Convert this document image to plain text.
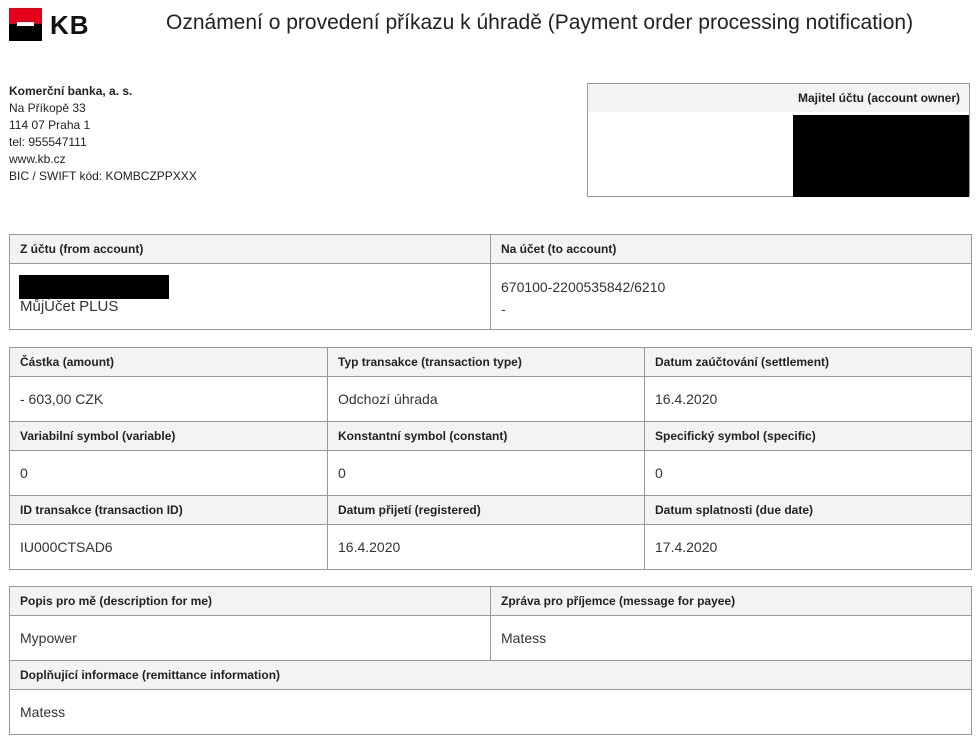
KB	Oznámení o provedení příkazu k úhradě (Payment order processing notification)
Komerční banka, a. s.
Na Příkopě 33
114 07 Praha 1
tel: 955547111
www.kb.cz
BIC / SWIFT kód: KOMBCZPPXXX
Majitel účtu (account owner)
Z účtu (from account)	Na účet (to account)

MůjÚčet PLUS	670100-2200535842/6210
-
Částka (amount)	Typ transakce (transaction type)	Datum zaúčtování (settlement)

- 603,00 CZK	Odchozí úhrada	16.4.2020

Variabilní symbol (variable)	Konstantní symbol (constant)	Specifický symbol (specific)

0	0	0

ID transakce (transaction ID)	Datum přijetí (registered)	Datum splatnosti (due date)

IU000CTSAD6	16.4.2020	17.4.2020
Popis pro mě (description for me)	Zpráva pro příjemce (message for payee)

Mypower	Matess

Doplňující informace (remittance information)	

Matess	
